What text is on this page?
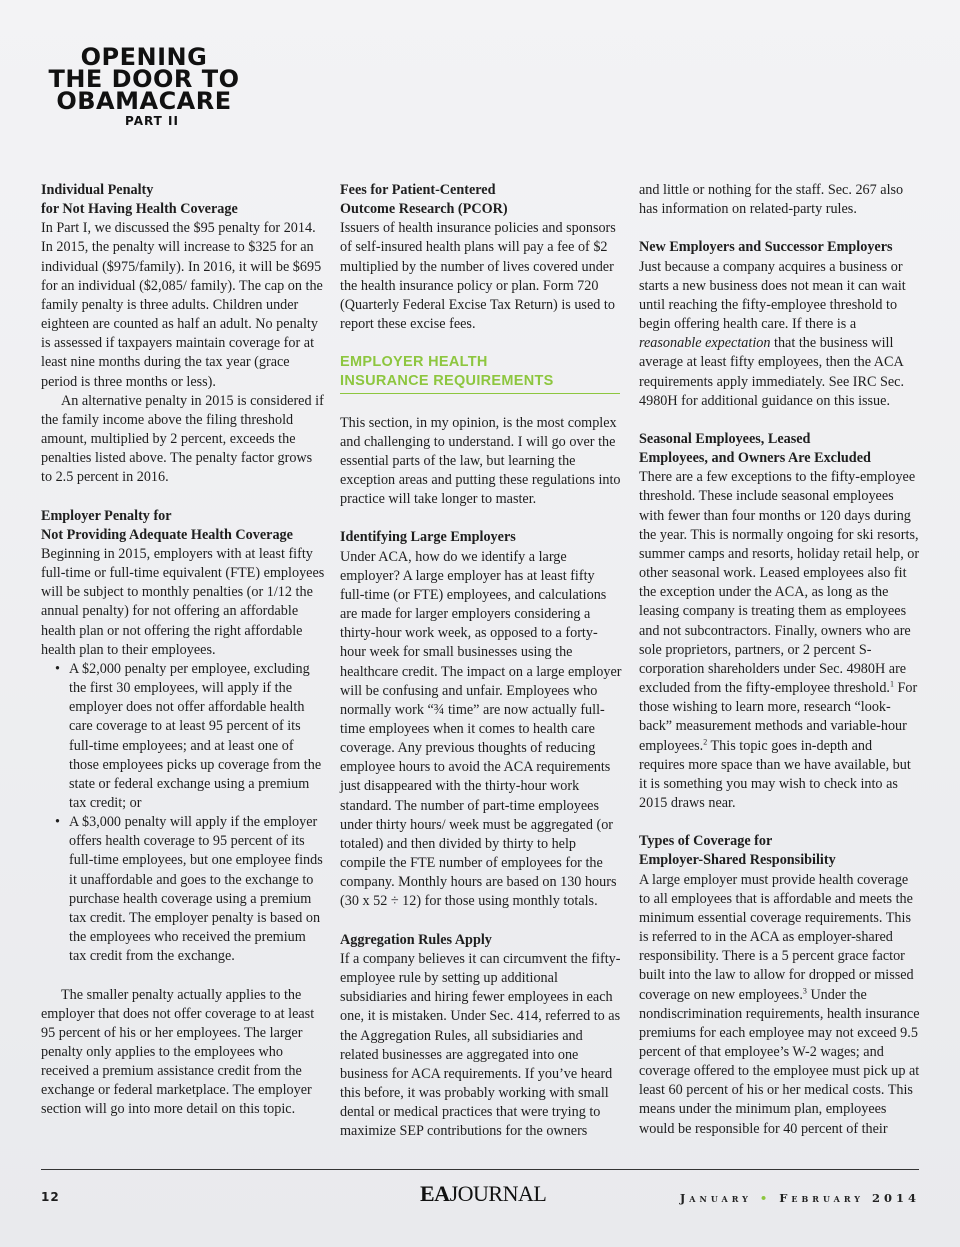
OPENING
THE DOOR TO
OBAMACARE
PART II

Individual Penalty

for Not Having Health Coverage

In Part I, we discussed the $95 penalty for 2014. In 2015, the penalty will increase to $325 for an individual ($975/family). In 2016, it will be $695 for an individual ($2,085/ family). The cap on the family penalty is three adults. Children under eighteen are counted as half an adult. No penalty is assessed if taxpayers maintain coverage for at least nine months during the tax year (grace period is three months or less).

An alternative penalty in 2015 is considered if the family income above the filing threshold amount, multiplied by 2 percent, exceeds the penalties listed above. The penalty factor grows to 2.5 percent in 2016.

Employer Penalty for

Not Providing Adequate Health Coverage

Beginning in 2015, employers with at least fifty full-time or full-time equivalent (FTE) employees will be subject to monthly penalties (or 1/12 the annual penalty) for not offering an affordable health plan or not offering the right affordable health plan to their employees.

• A $2,000 penalty per employee, excluding the first 30 employees, will apply if the employer does not offer affordable health care coverage to at least 95 percent of its full-time employees; and at least one of those employees picks up coverage from the state or federal exchange using a premium tax credit; or
• A $3,000 penalty will apply if the employer offers health coverage to 95 percent of its full-time employees, but one employee finds it unaffordable and goes to the exchange to purchase health coverage using a premium tax credit. The employer penalty is based on the employees who received the premium tax credit from the exchange.

The smaller penalty actually applies to the employer that does not offer coverage to at least 95 percent of his or her employees. The larger penalty only applies to the employees who received a premium assistance credit from the exchange or federal marketplace. The employer section will go into more detail on this topic.

Fees for Patient-Centered

Outcome Research (PCOR)

Issuers of health insurance policies and sponsors of self-insured health plans will pay a fee of $2 multiplied by the number of lives covered under the health insurance policy or plan. Form 720 (Quarterly Federal Excise Tax Return) is used to report these excise fees.

EMPLOYER HEALTH
INSURANCE REQUIREMENTS

This section, in my opinion, is the most complex and challenging to understand. I will go over the essential parts of the law, but learning the exception areas and putting these regulations into practice will take longer to master.

Identifying Large Employers

Under ACA, how do we identify a large employer? A large employer has at least fifty full-time (or FTE) employees, and calculations are made for larger employers considering a thirty-hour work week, as opposed to a forty-hour week for small businesses using the healthcare credit. The impact on a large employer will be confusing and unfair. Employees who normally work “¾ time” are now actually full-time employees when it comes to health care coverage. Any previous thoughts of reducing employee hours to avoid the ACA requirements just disappeared with the thirty-hour work standard. The number of part-time employees under thirty hours/ week must be aggregated (or totaled) and then divided by thirty to help compile the FTE number of employees for the company. Monthly hours are based on 130 hours (30 x 52 ÷ 12) for those using monthly totals.

Aggregation Rules Apply

If a company believes it can circumvent the fifty-employee rule by setting up additional subsidiaries and hiring fewer employees in each one, it is mistaken. Under Sec. 414, referred to as the Aggregation Rules, all subsidiaries and related businesses are aggregated into one business for ACA requirements. If you’ve heard this before, it was probably working with small dental or medical practices that were trying to maximize SEP contributions for the owners

and little or nothing for the staff. Sec. 267 also has information on related-party rules.

New Employers and Successor Employers

Just because a company acquires a business or starts a new business does not mean it can wait until reaching the fifty-employee threshold to begin offering health care. If there is a reasonable expectation that the business will average at least fifty employees, then the ACA requirements apply immediately. See IRC Sec. 4980H for additional guidance on this issue.

Seasonal Employees, Leased

Employees, and Owners Are Excluded

There are a few exceptions to the fifty-employee threshold. These include seasonal employees with fewer than four months or 120 days during the year. This is normally ongoing for ski resorts, summer camps and resorts, holiday retail help, or other seasonal work. Leased employees also fit the exception under the ACA, as long as the leasing company is treating them as employees and not subcontractors. Finally, owners who are sole proprietors, partners, or 2 percent S-corporation shareholders under Sec. 4980H are excluded from the fifty-employee threshold.$^1$ For those wishing to learn more, research “look-back” measurement methods and variable-hour employees.$^2$ This topic goes in-depth and requires more space than we have available, but it is something you may wish to check into as 2015 draws near.

Types of Coverage for

Employer-Shared Responsibility

A large employer must provide health coverage to all employees that is affordable and meets the minimum essential coverage requirements. This is referred to in the ACA as employer-shared responsibility. There is a 5 percent grace factor built into the law to allow for dropped or missed coverage on new employees.$^3$ Under the nondiscrimination requirements, health insurance premiums for each employee may not exceed 9.5 percent of that employee’s W-2 wages; and coverage offered to the employee must pick up at least 60 percent of his or her medical costs. This means under the minimum plan, employees would be responsible for 40 percent of their

12	EAJOURNAL	January • February 2014
